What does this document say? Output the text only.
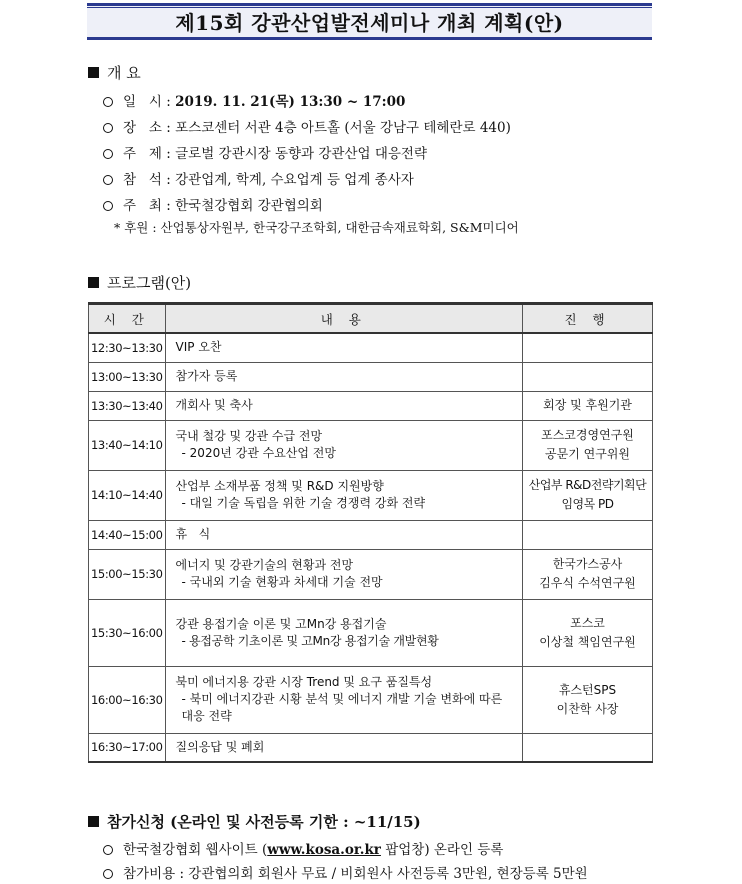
제15회 강관산업발전세미나 개최 계획(안)
개 요
일   시 : 2019. 11. 21(목) 13:30 ~ 17:00
장   소 : 포스코센터 서관 4층 아트홀 (서울 강남구 테헤란로 440)
주   제 : 글로벌 강관시장 동향과 강관산업 대응전략
참   석 : 강관업계, 학계, 수요업계 등 업계 종사자
주   최 : 한국철강협회 강관협의회
* 후원 : 산업통상자원부, 한국강구조학회, 대한금속재료학회, S&M미디어
프로그램(안)
시 간	내 용	진 행
12:30~13:30	VIP 오찬	
13:00~13:30	참가자 등록	
13:30~13:40	개회사 및 축사	회장 및 후원기관
13:40~14:10	국내 철강 및 강관 수급 전망
- 2020년 강관 수요산업 전망	포스코경영연구원
공문기 연구위원
14:10~14:40	산업부 소재부품 정책 및 R&D 지원방향
- 대일 기술 독립을 위한 기술 경쟁력 강화 전략	산업부 R&D전략기획단
임영목 PD
14:40~15:00	휴   식	
15:00~15:30	에너지 및 강관기술의 현황과 전망
- 국내외 기술 현황과 차세대 기술 전망	한국가스공사
김우식 수석연구원
15:30~16:00	강관 용접기술 이론 및 고Mn강 용접기술
- 용접공학 기초이론 및 고Mn강 용접기술 개발현황	포스코
이상철 책임연구원
16:00~16:30	북미 에너지용 강관 시장 Trend 및 요구 품질특성
- 북미 에너지강관 시황 분석 및 에너지 개발 기술 변화에 따른 대응 전략	휴스턴SPS
이찬학 사장
16:30~17:00	질의응답 및 폐회	
참가신청 (온라인 및 사전등록 기한 : ~11/15)
한국철강협회 웹사이트 (www.kosa.or.kr 팝업창) 온라인 등록
참가비용 : 강관협의회 회원사 무료 / 비회원사 사전등록 3만원, 현장등록 5만원
